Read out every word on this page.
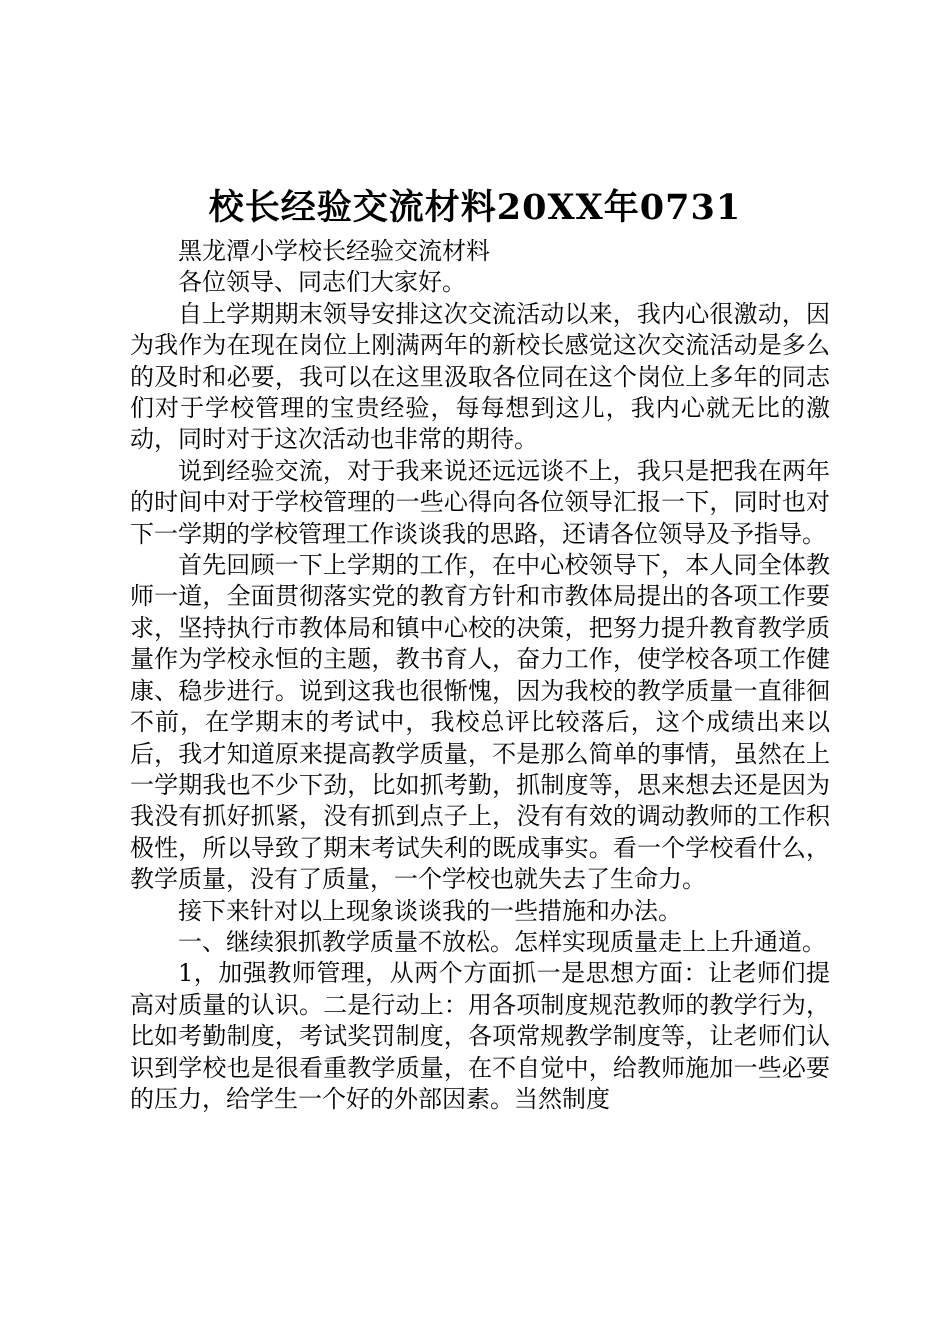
校长经验交流材料20XX年0731

黑龙潭小学校长经验交流材料

各位领导、同志们大家好。

自上学期期末领导安排这次交流活动以来，我内心很激动，因为我作为在现在岗位上刚满两年的新校长感觉这次交流活动是多么的及时和必要，我可以在这里汲取各位同在这个岗位上多年的同志们对于学校管理的宝贵经验，每每想到这儿，我内心就无比的激动，同时对于这次活动也非常的期待。

说到经验交流，对于我来说还远远谈不上，我只是把我在两年的时间中对于学校管理的一些心得向各位领导汇报一下，同时也对下一学期的学校管理工作谈谈我的思路，还请各位领导及予指导。

首先回顾一下上学期的工作，在中心校领导下，本人同全体教师一道，全面贯彻落实党的教育方针和市教体局提出的各项工作要求，坚持执行市教体局和镇中心校的决策，把努力提升教育教学质量作为学校永恒的主题，教书育人，奋力工作，使学校各项工作健康、稳步进行。说到这我也很惭愧，因为我校的教学质量一直徘徊不前，在学期末的考试中，我校总评比较落后，这个成绩出来以后，我才知道原来提高教学质量，不是那么简单的事情，虽然在上一学期我也不少下劲，比如抓考勤，抓制度等，思来想去还是因为我没有抓好抓紧，没有抓到点子上，没有有效的调动教师的工作积极性，所以导致了期末考试失利的既成事实。看一个学校看什么，教学质量，没有了质量，一个学校也就失去了生命力。

接下来针对以上现象谈谈我的一些措施和办法。

一、继续狠抓教学质量不放松。怎样实现质量走上上升通道。

1，加强教师管理，从两个方面抓一是思想方面：让老师们提高对质量的认识。二是行动上：用各项制度规范教师的教学行为，比如考勤制度，考试奖罚制度，各项常规教学制度等，让老师们认识到学校也是很看重教学质量，在不自觉中，给教师施加一些必要的压力，给学生一个好的外部因素。当然制度
